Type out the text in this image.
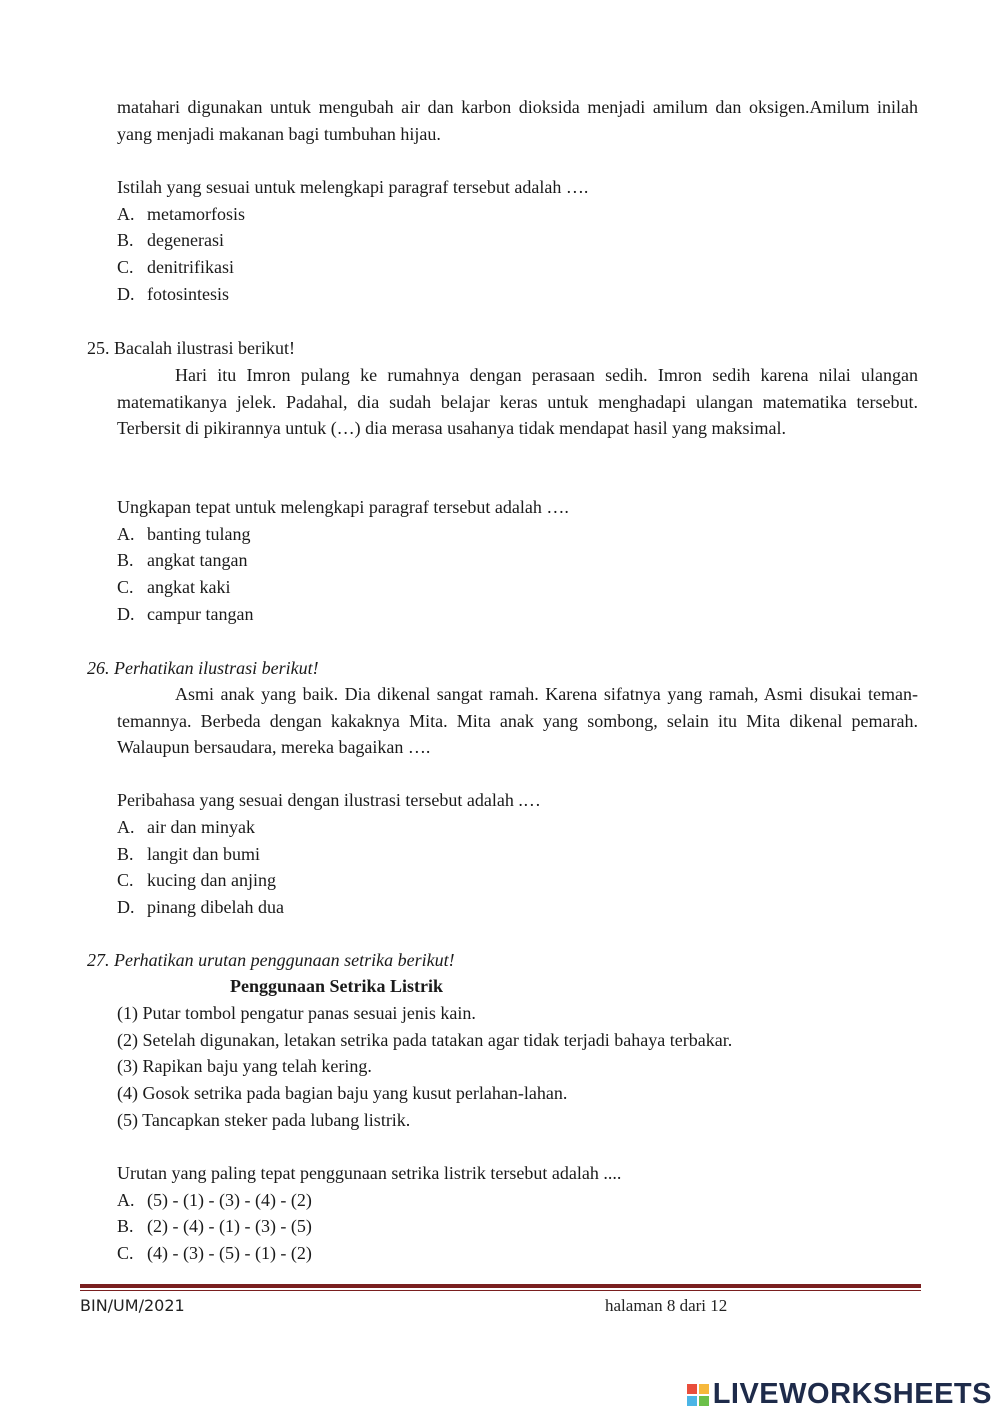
matahari digunakan untuk mengubah air dan karbon dioksida menjadi amilum dan oksigen.Amilum inilah yang menjadi makanan bagi tumbuhan hijau.

Istilah yang sesuai untuk melengkapi paragraf tersebut adalah ….
A. metamorfosis
B. degenerasi
C. denitrifikasi
D. fotosintesis
25. Bacalah ilustrasi berikut!

Hari itu Imron pulang ke rumahnya dengan perasaan sedih. Imron sedih karena nilai ulangan matematikanya jelek. Padahal, dia sudah belajar keras untuk menghadapi ulangan matematika tersebut. Terbersit di pikirannya untuk (…) dia merasa usahanya tidak mendapat hasil yang maksimal.

Ungkapan tepat untuk melengkapi paragraf tersebut adalah ….
A. banting tulang
B. angkat tangan
C. angkat kaki
D. campur tangan
26. Perhatikan ilustrasi berikut!

Asmi anak yang baik. Dia dikenal sangat ramah. Karena sifatnya yang ramah, Asmi disukai teman-temannya. Berbeda dengan kakaknya Mita. Mita anak yang sombong, selain itu Mita dikenal pemarah. Walaupun bersaudara, mereka bagaikan ….

Peribahasa yang sesuai dengan ilustrasi tersebut adalah .…
A. air dan minyak
B. langit dan bumi
C. kucing dan anjing
D. pinang dibelah dua
27. Perhatikan urutan penggunaan setrika berikut!
Penggunaan Setrika Listrik
(1) Putar tombol pengatur panas sesuai jenis kain.
(2) Setelah digunakan, letakan setrika pada tatakan agar tidak terjadi bahaya terbakar.
(3) Rapikan baju yang telah kering.
(4) Gosok setrika pada bagian baju yang kusut perlahan-lahan.
(5) Tancapkan steker pada lubang listrik.
Urutan yang paling tepat penggunaan setrika listrik tersebut adalah ....
A. (5) - (1) - (3) - (4) - (2)
B. (2) - (4) - (1) - (3) - (5)
C. (4) - (3) - (5) - (1) - (2)
BIN/UM/2021	halaman 8 dari 12
LIVEWORKSHEETS
